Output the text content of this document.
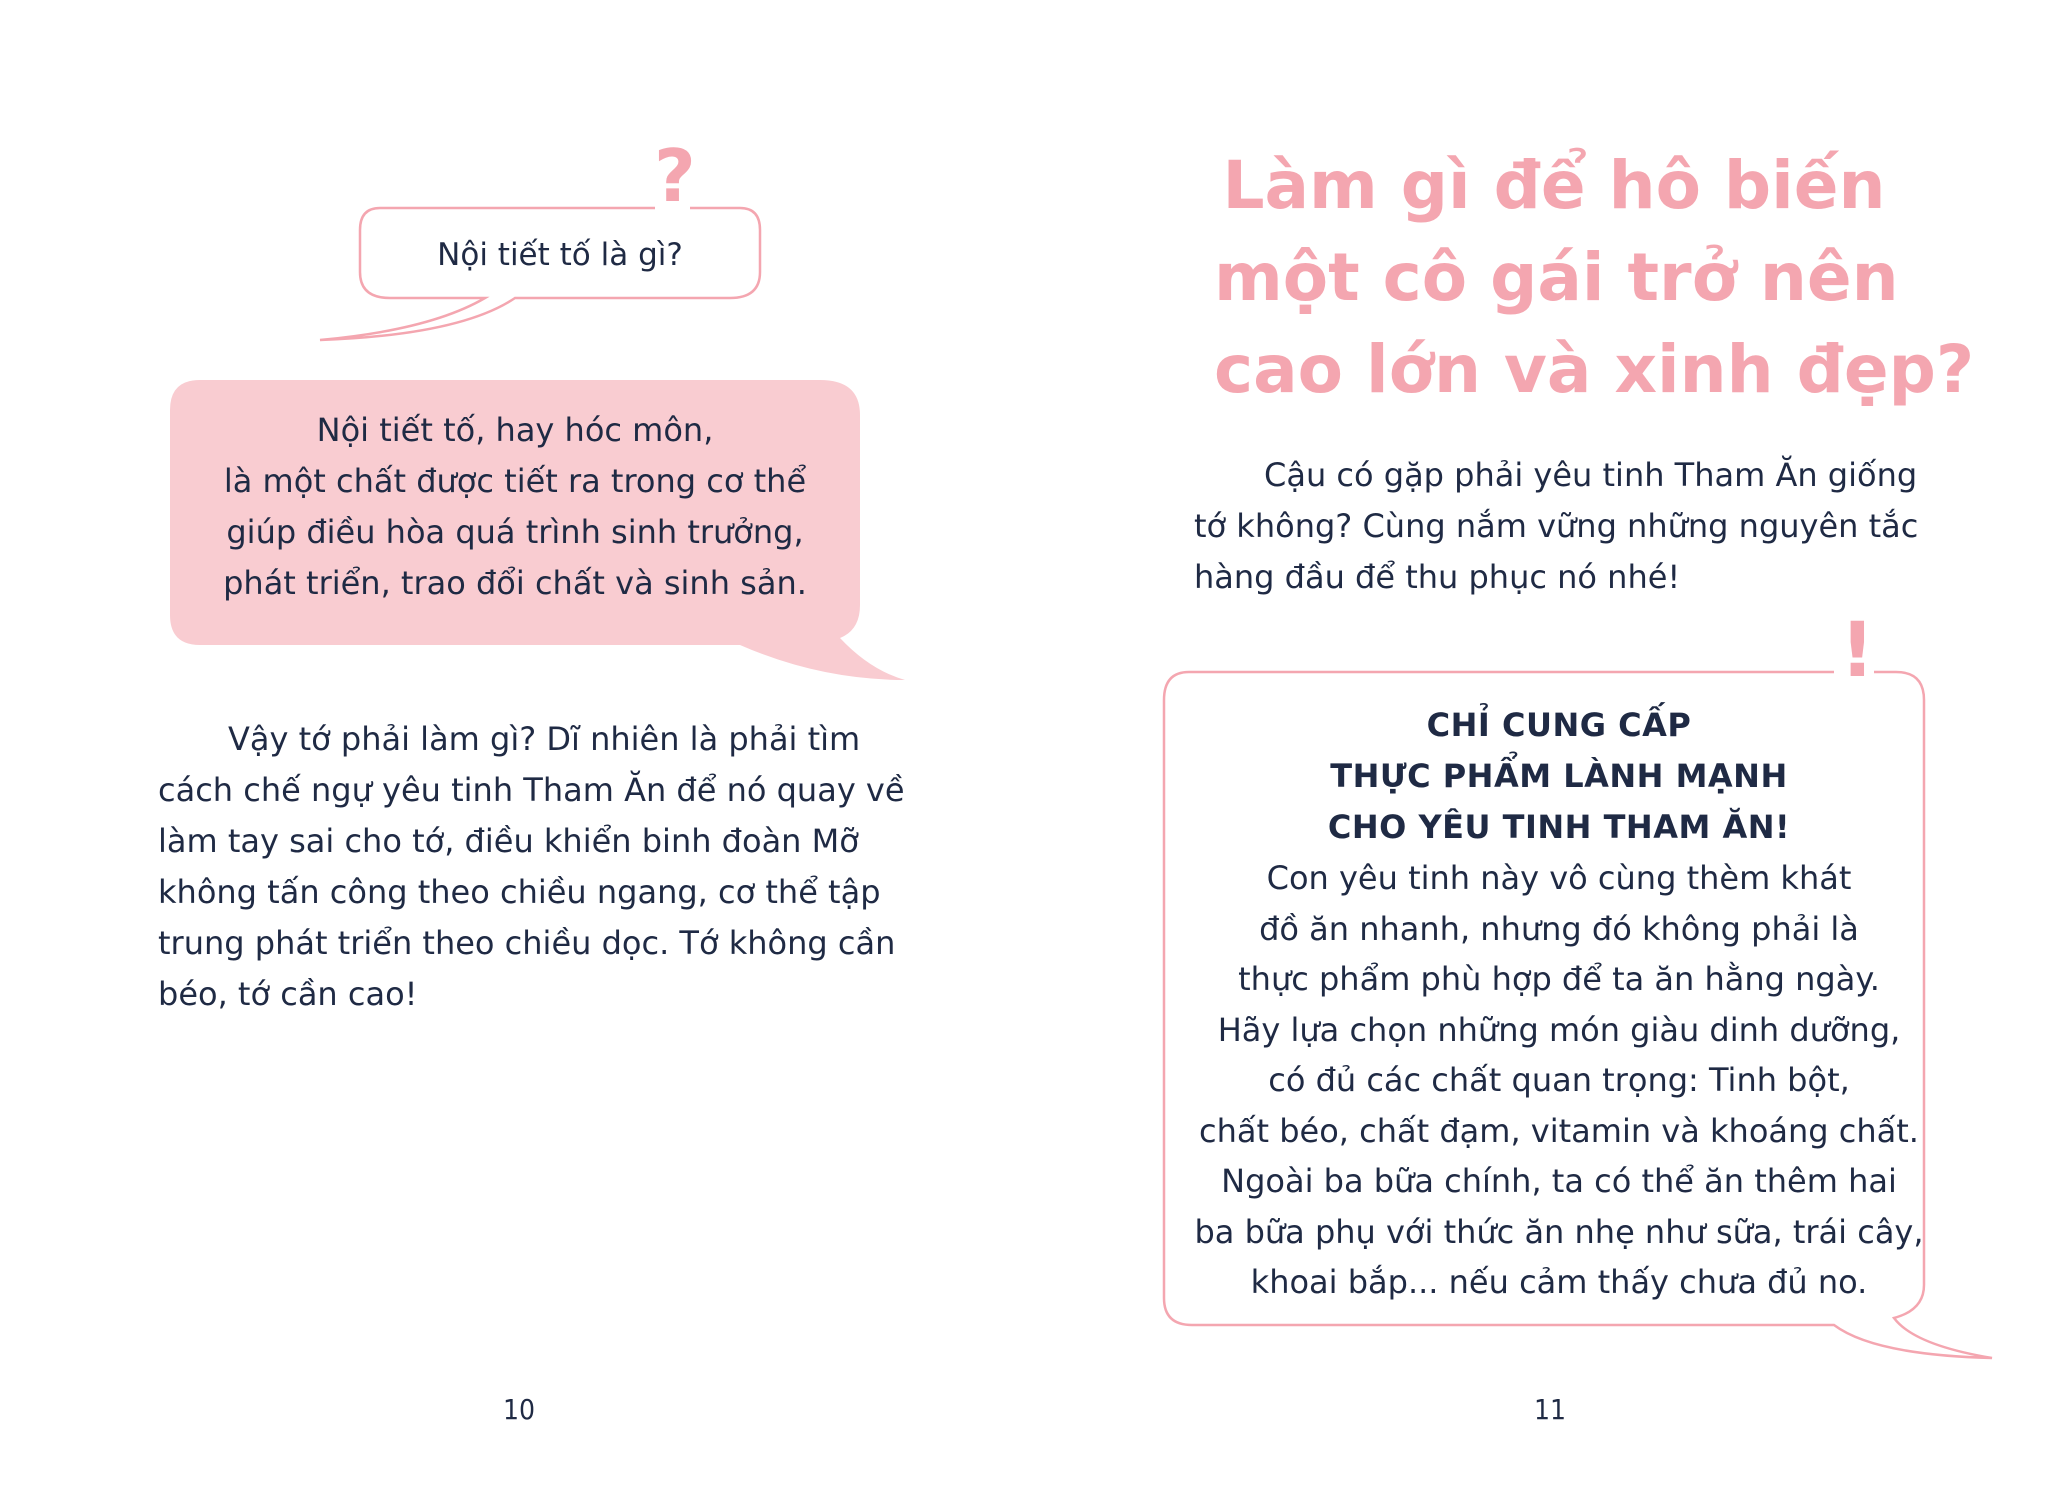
?
Nội tiết tố là gì?
Nội tiết tố, hay hóc môn,
là một chất được tiết ra trong cơ thể
giúp điều hòa quá trình sinh trưởng,
phát triển, trao đổi chất và sinh sản.
Vậy tớ phải làm gì? Dĩ nhiên là phải tìm
cách chế ngự yêu tinh Tham Ăn để nó quay về
làm tay sai cho tớ, điều khiển binh đoàn Mỡ
không tấn công theo chiều ngang, cơ thể tập
trung phát triển theo chiều dọc. Tớ không cần
béo, tớ cần cao!
10
Làm gì để hô biến
một cô gái trở nên
cao lớn và xinh đẹp?
Cậu có gặp phải yêu tinh Tham Ăn giống
tớ không? Cùng nắm vững những nguyên tắc
hàng đầu để thu phục nó nhé!
!
CHỈ CUNG CẤP
THỰC PHẨM LÀNH MẠNH
CHO YÊU TINH THAM ĂN!
Con yêu tinh này vô cùng thèm khát
đồ ăn nhanh, nhưng đó không phải là
thực phẩm phù hợp để ta ăn hằng ngày.
Hãy lựa chọn những món giàu dinh dưỡng,
có đủ các chất quan trọng: Tinh bột,
chất béo, chất đạm, vitamin và khoáng chất.
Ngoài ba bữa chính, ta có thể ăn thêm hai
ba bữa phụ với thức ăn nhẹ như sữa, trái cây,
khoai bắp... nếu cảm thấy chưa đủ no.
11
